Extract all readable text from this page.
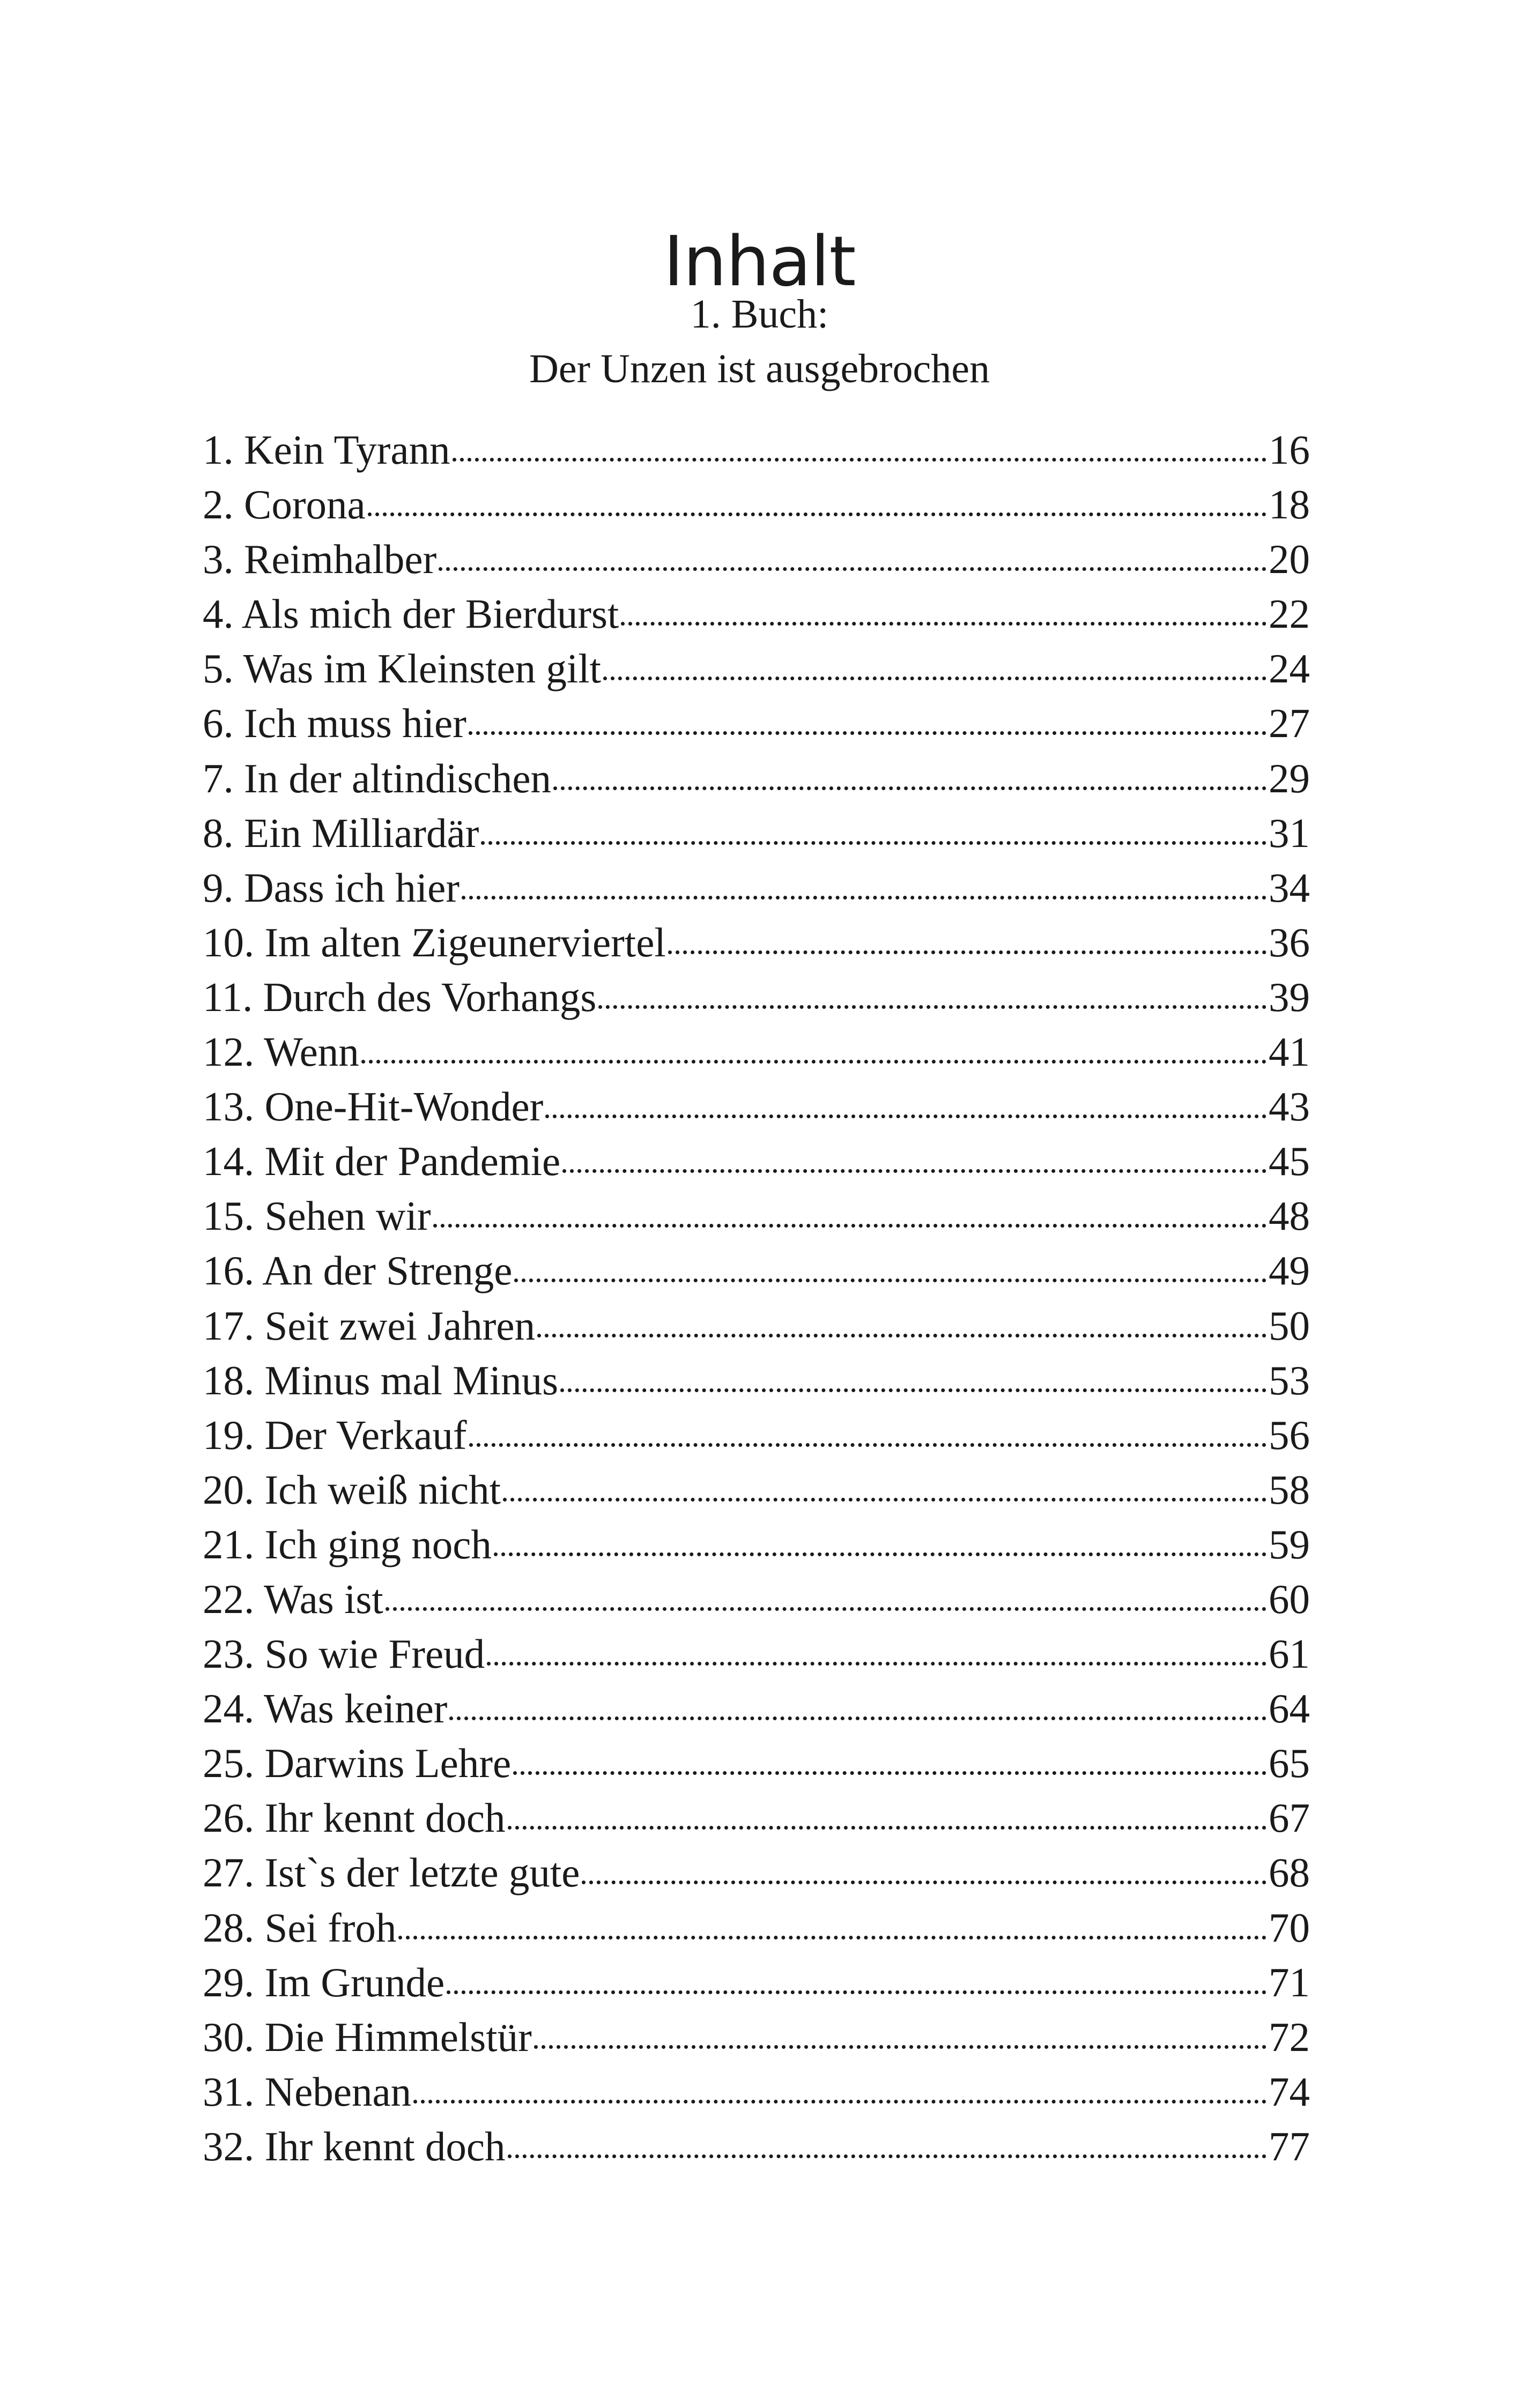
Inhalt
1. Buch:
Der Unzen ist ausgebrochen
1. Kein Tyrann	16
2. Corona	18
3. Reimhalber	20
4. Als mich der Bierdurst	22
5. Was im Kleinsten gilt	24
6. Ich muss hier	27
7. In der altindischen	29
8. Ein Milliardär	31
9. Dass ich hier	34
10. Im alten Zigeunerviertel	36
11. Durch des Vorhangs	39
12. Wenn	41
13. One-Hit-Wonder	43
14. Mit der Pandemie	45
15. Sehen wir	48
16. An der Strenge	49
17. Seit zwei Jahren	50
18. Minus mal Minus	53
19. Der Verkauf	56
20. Ich weiß nicht	58
21. Ich ging noch	59
22. Was ist	60
23. So wie Freud	61
24. Was keiner	64
25. Darwins Lehre	65
26. Ihr kennt doch	67
27. Ist`s der letzte gute	68
28. Sei froh	70
29. Im Grunde	71
30. Die Himmelstür	72
31. Nebenan	74
32. Ihr kennt doch	77
